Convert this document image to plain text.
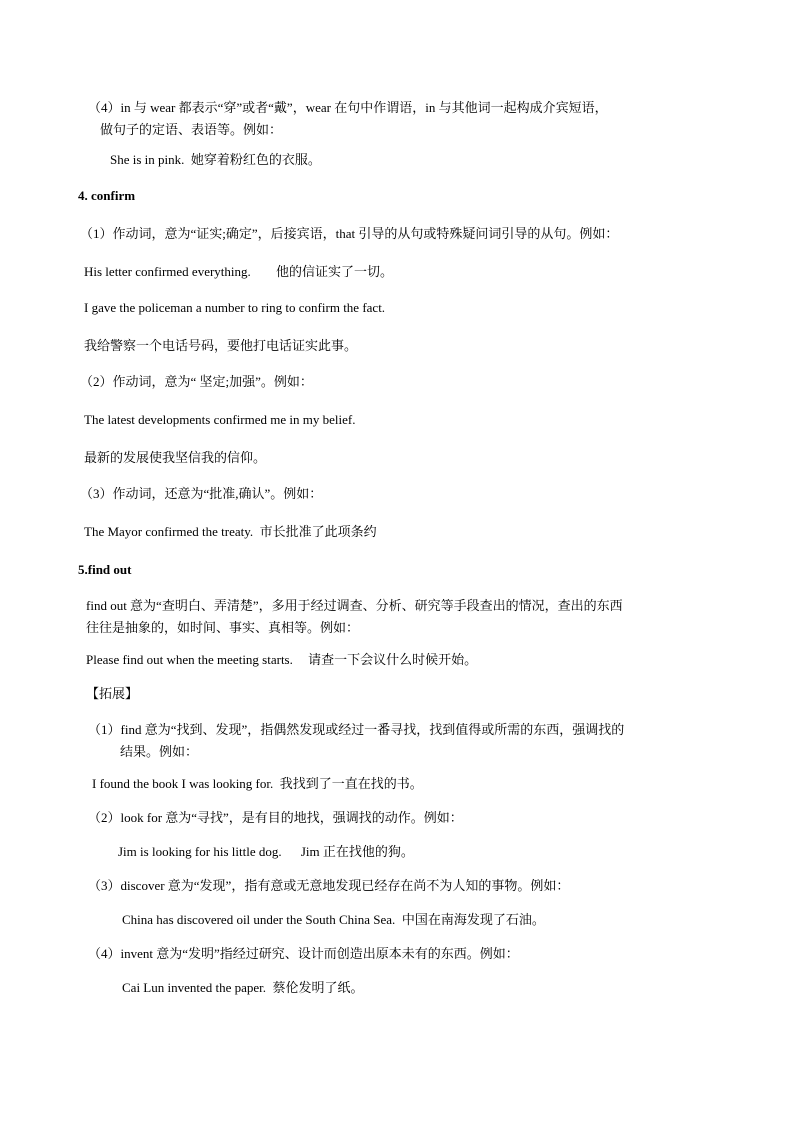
（4）in 与 wear 都表示“穿”或者“戴”，wear 在句中作谓语，in 与其他词一起构成介宾短语，
做句子的定语、表语等。例如：
She is in pink. 她穿着粉红色的衣服。
4. confirm
（1）作动词，意为“证实;确定”，后接宾语，that 引导的从句或特殊疑问词引导的从句。例如：
His letter confirmed everything. 他的信证实了一切。
I gave the policeman a number to ring to confirm the fact.
我给警察一个电话号码，要他打电话证实此事。
（2）作动词，意为“ 坚定;加强”。例如：
The latest developments confirmed me in my belief.
最新的发展使我坚信我的信仰。
（3）作动词，还意为“批准,确认”。例如：
The Mayor confirmed the treaty. 市长批准了此项条约
5.find out
find out 意为“查明白、弄清楚”，多用于经过调查、分析、研究等手段查出的情况，查出的东西
往往是抽象的，如时间、事实、真相等。例如：
Please find out when the meeting starts. 请查一下会议什么时候开始。
【拓展】
（1）find 意为“找到、发现”，指偶然发现或经过一番寻找，找到值得或所需的东西，强调找的
结果。例如：
I found the book I was looking for. 我找到了一直在找的书。
（2）look for 意为“寻找”，是有目的地找，强调找的动作。例如：
Jim is looking for his little dog. Jim 正在找他的狗。
（3）discover 意为“发现”，指有意或无意地发现已经存在尚不为人知的事物。例如：
China has discovered oil under the South China Sea. 中国在南海发现了石油。
（4）invent 意为“发明”指经过研究、设计而创造出原本未有的东西。例如：
Cai Lun invented the paper. 蔡伦发明了纸。
